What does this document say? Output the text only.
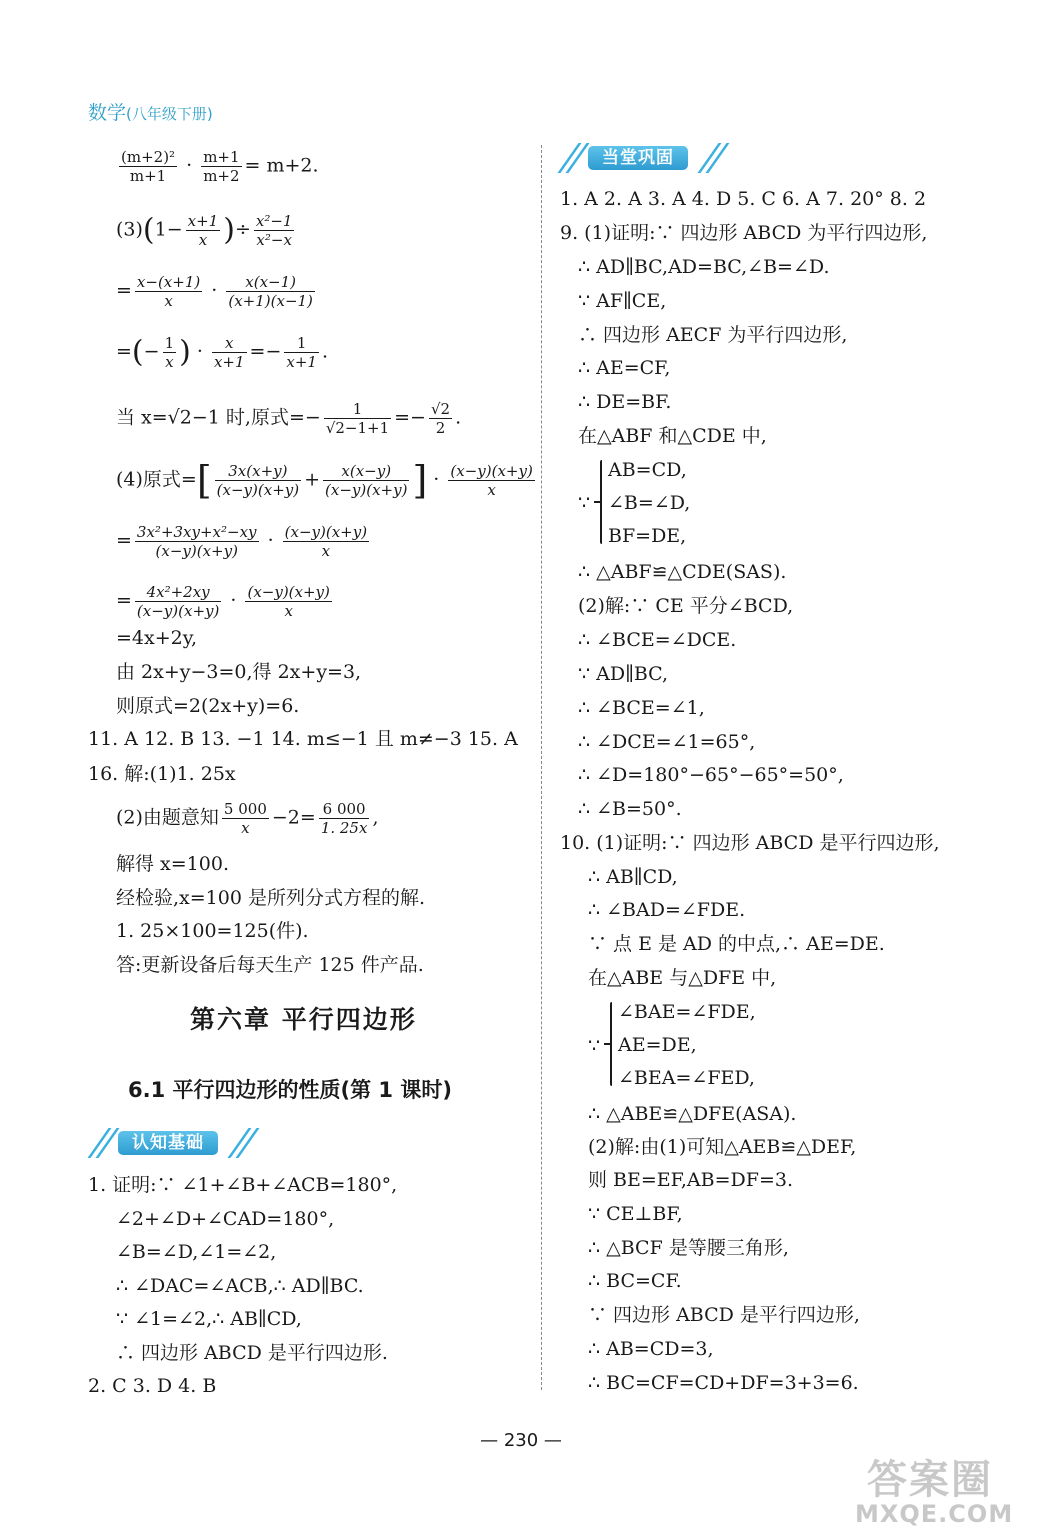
数学(八年级下册)
$\frac{\text{(m+2)²}}{m+1} \cdot \frac{m+1}{m+2} = m+2$.
$(3)(1- \frac{x+1}{x}$ )÷ $\frac{\text{x²−1}}{\text{x²−x}}$
= $\frac{x-(x+1)}{x} \cdot \frac{x(x-1)}{(x+1)(x-1)}$
=(− $\frac{1}{x}$ ) · $\frac{x}{x+1} =- \frac{1}{x+1}$ .
当 x=√2−1 时,原式=− $\frac{1}{√2-1+1} =- \frac{√2}{2}$ .
(4)原式=[ $\frac{3x(x+y)}{(x-y)(x+y)} + \frac{x(x-y)}{(x-y)(x+y)}$ ] · $\frac{(x-y)(x+y)}{x}$
= $\frac{\text{3x²+3xy+x²−xy}}{(x-y)(x+y)} \cdot \frac{(x-y)(x+y)}{x}$
= $\frac{\text{4x²+2xy}}{(x-y)(x+y)} \cdot \frac{(x-y)(x+y)}{x}$
=4x+2y,
由 2x+y−3=0,得 2x+y=3,
则原式=2(2x+y)=6.
11. A 12. B 13. −1 14. m≤−1 且 m≠−3 15. A
16. 解:(1)1. 25x
(2)由题意知 $\frac{5 000}{x} -2= \frac{6 000}{1. 25x}$ ,
解得 x=100.
经检验,x=100 是所列分式方程的解.
1. 25×100=125(件).
答:更新设备后每天生产 125 件产品.
第六章 平行四边形
6.1 平行四边形的性质(第 1 课时)
认知基础
1. 证明:∵ ∠1+∠B+∠ACB=180°,
∠2+∠D+∠CAD=180°,
∠B=∠D,∠1=∠2,
∴ ∠DAC=∠ACB,∴ AD∥BC.
∵ ∠1=∠2,∴ AB∥CD,
∴ 四边形 ABCD 是平行四边形.
2. C 3. D 4. B
当堂巩固
1. A 2. A 3. A 4. D 5. C 6. A 7. 20° 8. 2
9. (1)证明:∵ 四边形 ABCD 为平行四边形,
∴ AD∥BC,AD=BC,∠B=∠D.
∵ AF∥CE,
∴ 四边形 AECF 为平行四边形,
∴ AE=CF,
∴ DE=BF.
在△ABF 和△CDE 中,
∵
AB=CD,
∠B=∠D,
BF=DE,
∴ △ABF≌△CDE(SAS).
(2)解:∵ CE 平分∠BCD,
∴ ∠BCE=∠DCE.
∵ AD∥BC,
∴ ∠BCE=∠1,
∴ ∠DCE=∠1=65°,
∴ ∠D=180°−65°−65°=50°,
∴ ∠B=50°.
10. (1)证明:∵ 四边形 ABCD 是平行四边形,
∴ AB∥CD,
∴ ∠BAD=∠FDE.
∵ 点 E 是 AD 的中点,∴ AE=DE.
在△ABE 与△DFE 中,
∵
∠BAE=∠FDE,
AE=DE,
∠BEA=∠FED,
∴ △ABE≌△DFE(ASA).
(2)解:由(1)可知△AEB≌△DEF,
则 BE=EF,AB=DF=3.
∵ CE⊥BF,
∴ △BCF 是等腰三角形,
∴ BC=CF.
∵ 四边形 ABCD 是平行四边形,
∴ AB=CD=3,
∴ BC=CF=CD+DF=3+3=6.
— 230 —
答案圈
MXQE.COM
